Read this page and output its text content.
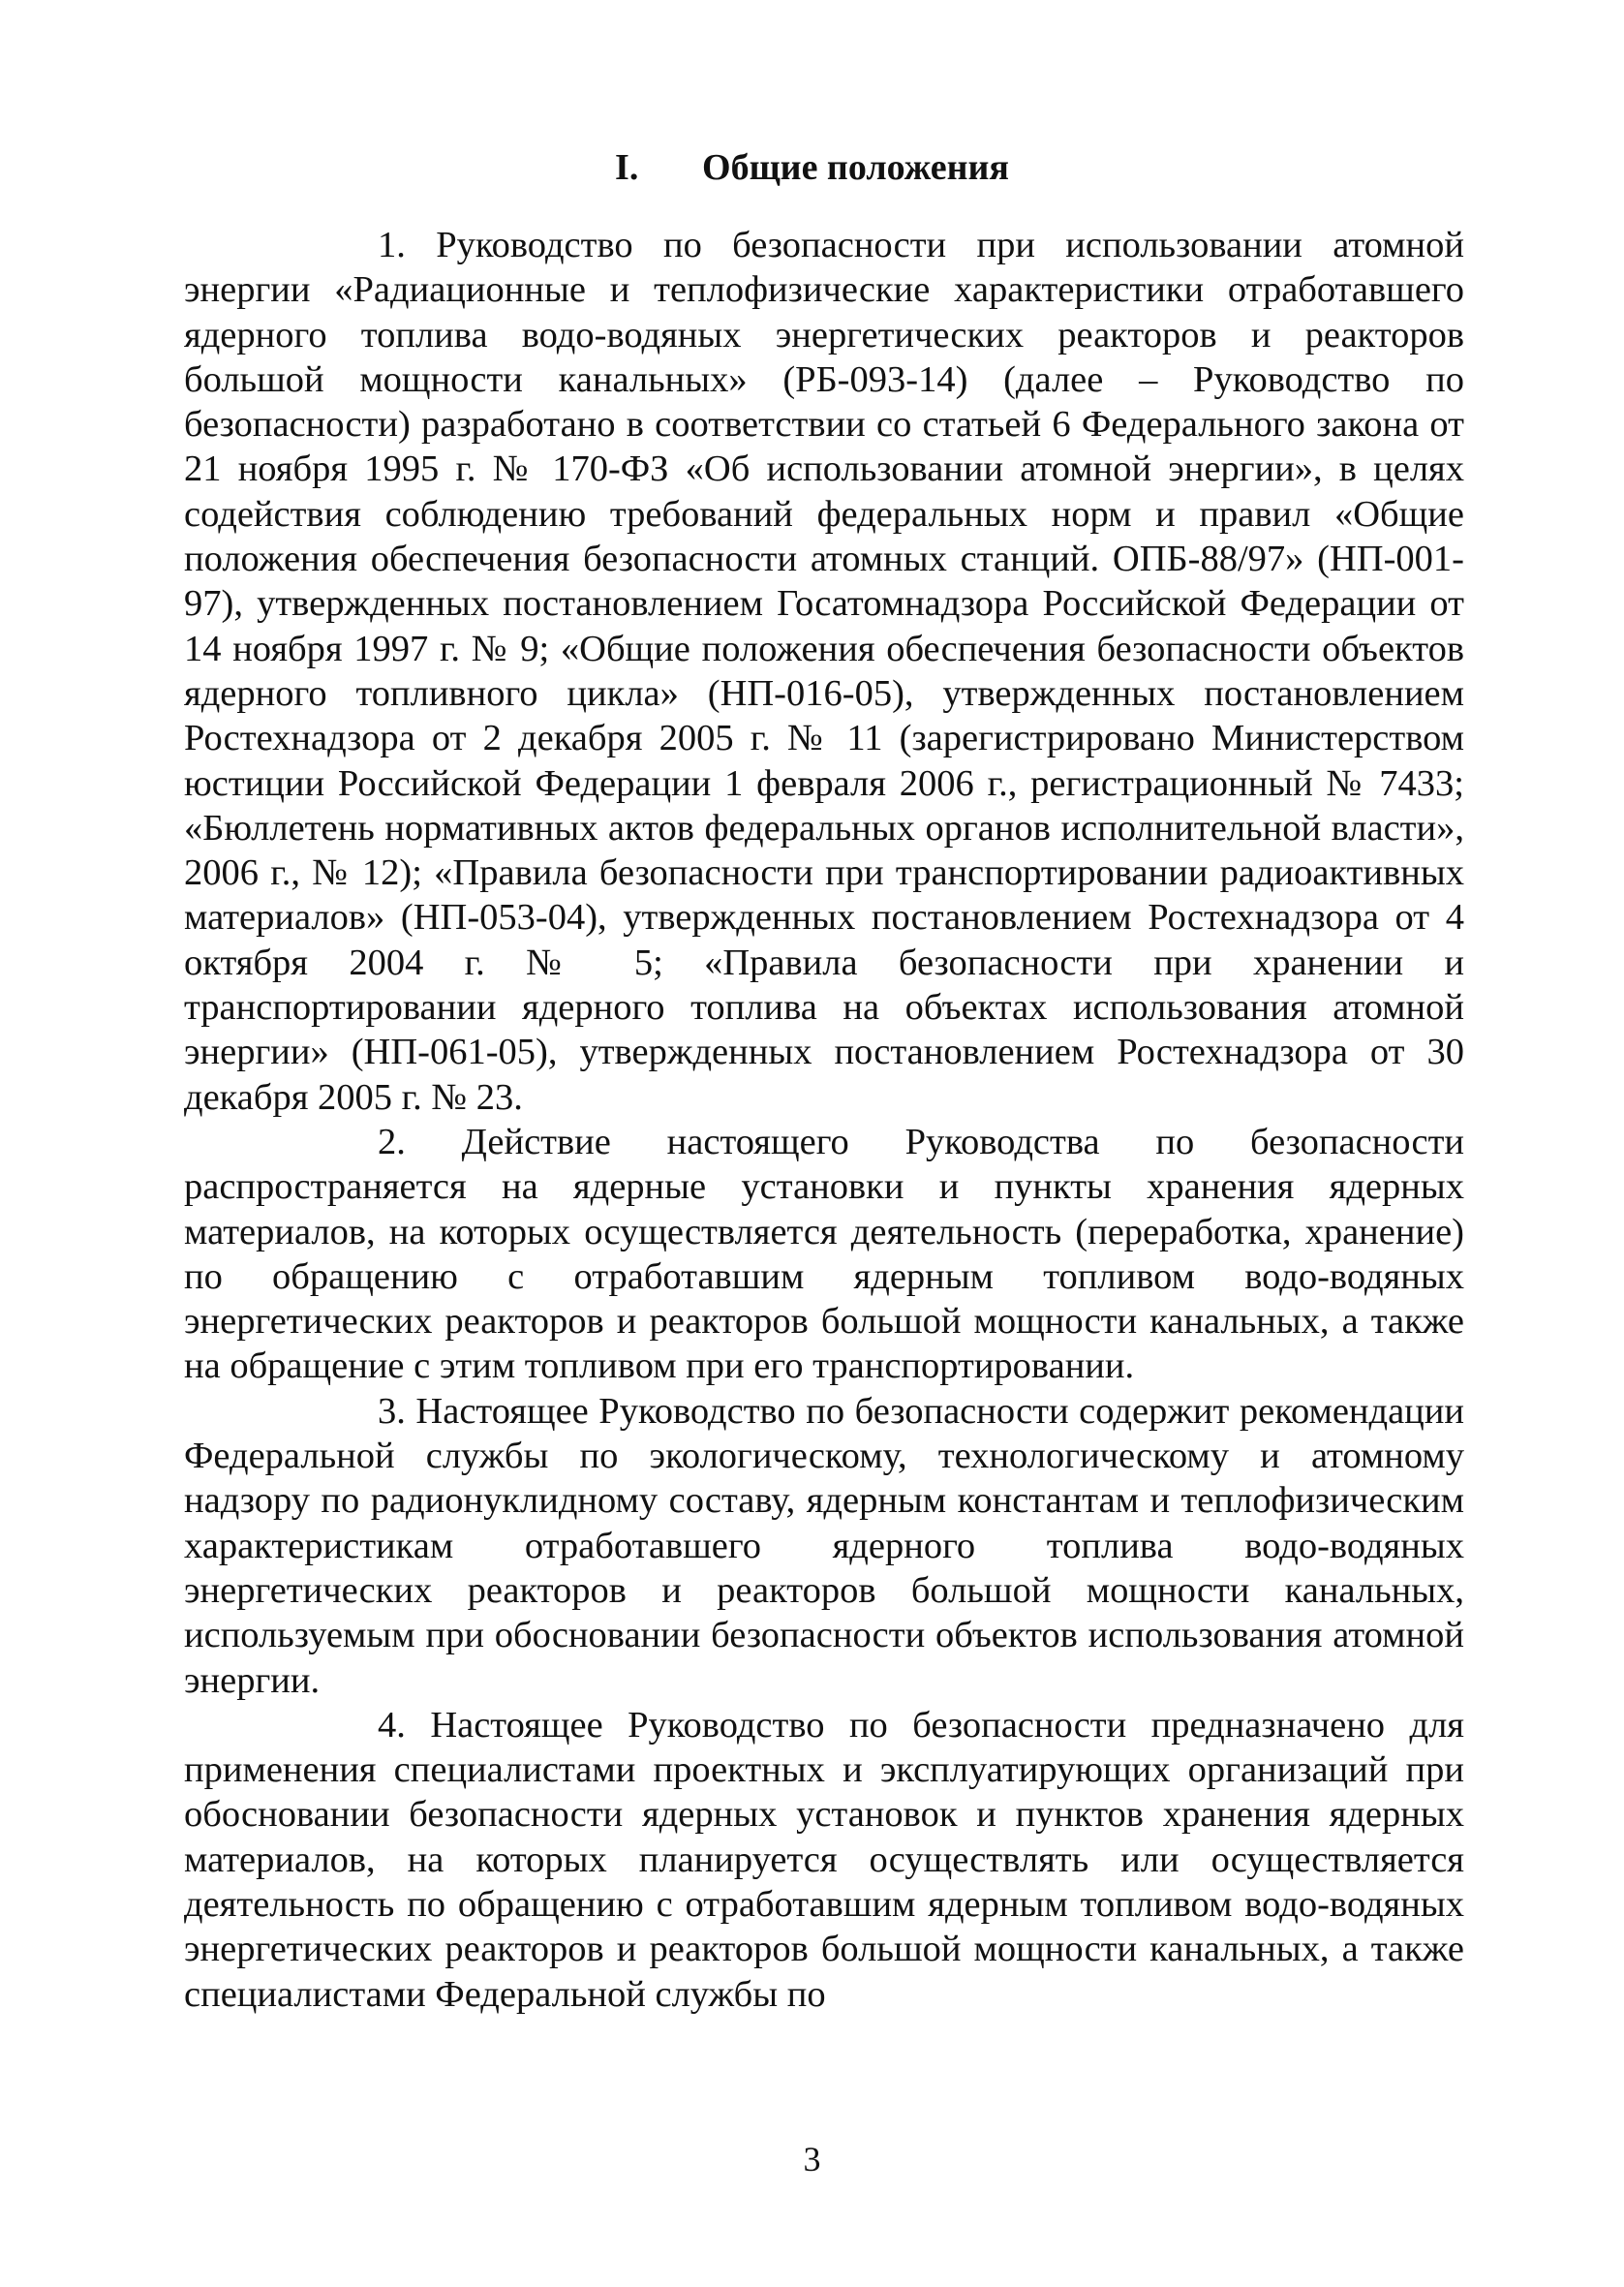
I. Общие положения

1. Руководство по безопасности при использовании атомной энергии «Радиационные и теплофизические характеристики отработавшего ядерного топлива водо-водяных энергетических реакторов и реакторов большой мощности канальных» (РБ-093-14) (далее – Руководство по безопасности) разработано в соответствии со статьей 6 Федерального закона от 21 ноября 1995 г. № 170-ФЗ «Об использовании атомной энергии», в целях содействия соблюдению требований федеральных норм и правил «Общие положения обеспечения безопасности атомных станций. ОПБ-88/97» (НП-001-97), утвержденных постановлением Госатомнадзора Российской Федерации от 14 ноября 1997 г. № 9; «Общие положения обеспечения безопасности объектов ядерного топливного цикла» (НП-016-05), утвержденных постановлением Ростехнадзора от 2 декабря 2005 г. № 11 (зарегистрировано Министерством юстиции Российской Федерации 1 февраля 2006 г., регистрационный № 7433; «Бюллетень нормативных актов федеральных органов исполнительной власти», 2006 г., № 12); «Правила безопасности при транспортировании радиоактивных материалов» (НП-053-04), утвержденных постановлением Ростехнадзора от 4 октября 2004 г. № 5; «Правила безопасности при хранении и транспортировании ядерного топлива на объектах использования атомной энергии» (НП-061-05), утвержденных постановлением Ростехнадзора от 30 декабря 2005 г. № 23.

2. Действие настоящего Руководства по безопасности распространяется на ядерные установки и пункты хранения ядерных материалов, на которых осуществляется деятельность (переработка, хранение) по обращению с отработавшим ядерным топливом водо-водяных энергетических реакторов и реакторов большой мощности канальных, а также на обращение с этим топливом при его транспортировании.

3. Настоящее Руководство по безопасности содержит рекомендации Федеральной службы по экологическому, технологическому и атомному надзору по радионуклидному составу, ядерным константам и теплофизическим характеристикам отработавшего ядерного топлива водо-водяных энергетических реакторов и реакторов большой мощности канальных, используемым при обосновании безопасности объектов использования атомной энергии.

4. Настоящее Руководство по безопасности предназначено для применения специалистами проектных и эксплуатирующих организаций при обосновании безопасности ядерных установок и пунктов хранения ядерных материалов, на которых планируется осуществлять или осуществляется деятельность по обращению с отработавшим ядерным топливом водо-водяных энергетических реакторов и реакторов большой мощности канальных, а также специалистами Федеральной службы по

3
